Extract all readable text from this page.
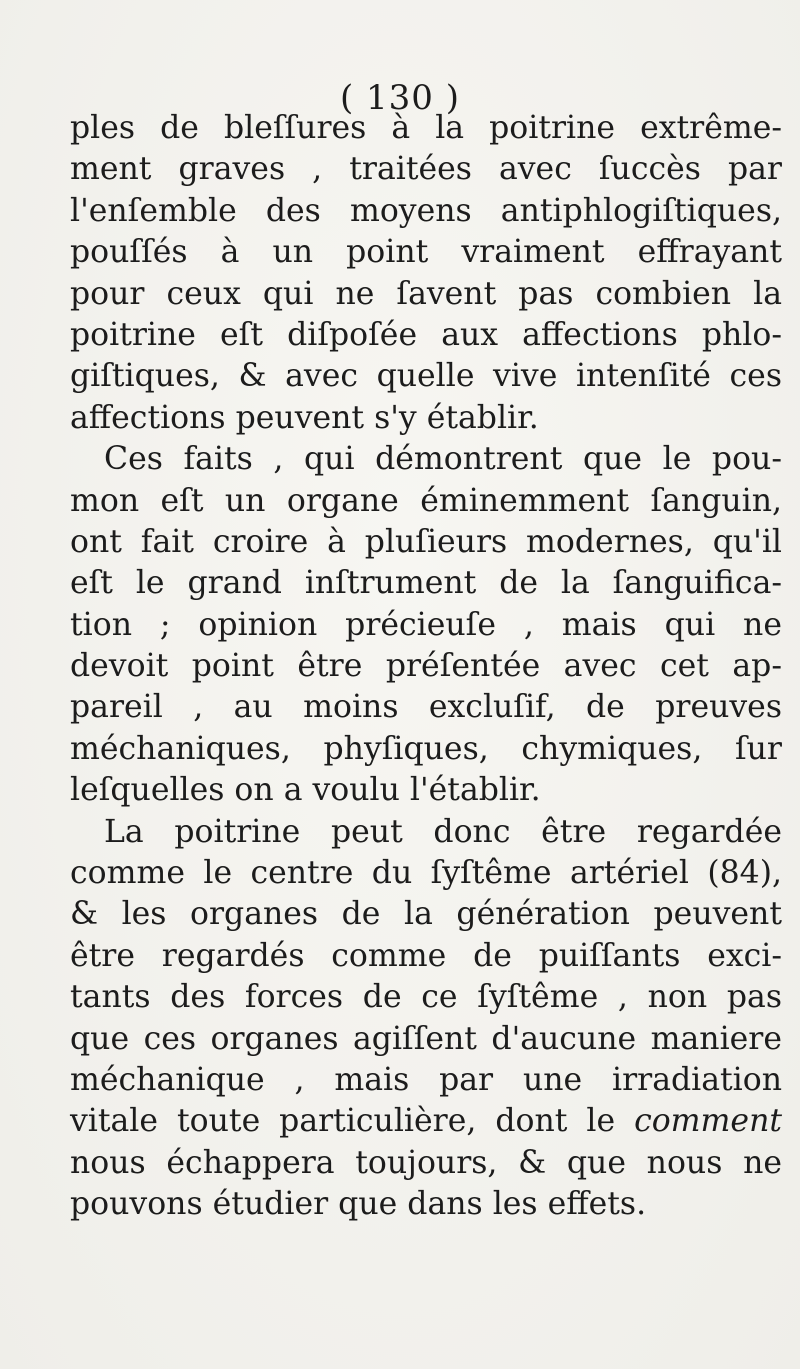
( 130 )
ples de bleſſures à la poitrine extrême-
ment graves , traitées avec ſuccès par
l'enſemble des moyens antiphlogiſtiques,
pouſſés à un point vraiment effrayant
pour ceux qui ne ſavent pas combien la
poitrine eſt diſpoſée aux affections phlo-
giſtiques, & avec quelle vive intenſité ces
affections peuvent s'y établir.
Ces faits , qui démontrent que le pou-
mon eſt un organe éminemment ſanguin,
ont fait croire à pluſieurs modernes, qu'il
eſt le grand inſtrument de la ſanguifica-
tion ; opinion précieuſe , mais qui ne
devoit point être préſentée avec cet ap-
pareil , au moins excluſif, de preuves
méchaniques, phyſiques, chymiques, ſur
leſquelles on a voulu l'établir.
La poitrine peut donc être regardée
comme le centre du ſyſtême artériel (84),
& les organes de la génération peuvent
être regardés comme de puiſſants exci-
tants des forces de ce ſyſtême , non pas
que ces organes agiſſent d'aucune maniere
méchanique , mais par une irradiation
vitale toute particulière, dont le comment
nous échappera toujours, & que nous ne
pouvons étudier que dans les effets.
